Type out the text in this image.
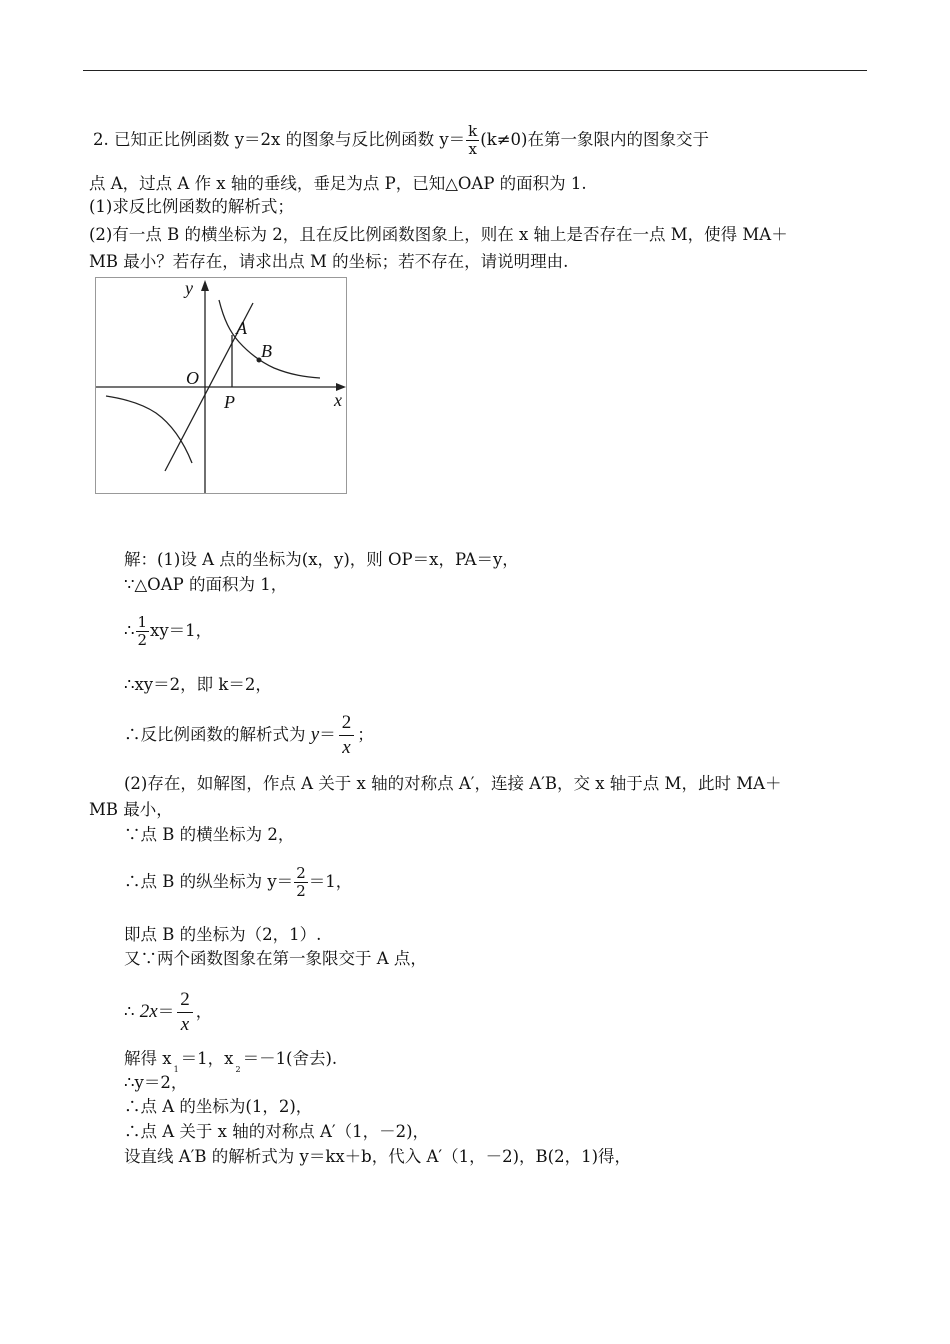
2. 已知正比例函数 y＝2x 的图象与反比例函数 $y= \frac{k}{x} (k\ne 0)$在第一象限内的图象交于
点 A，过点 A 作 x 轴的垂线，垂足为点 P，已知△OAP 的面积为 1.
(1)求反比例函数的解析式；
(2)有一点 B 的横坐标为 2，且在反比例函数图象上，则在 x 轴上是否存在一点 M，使得 MA＋
MB 最小？若存在，请求出点 M 的坐标；若不存在，请说明理由.
y
x
O
A
B
P
解：(1)设 A 点的坐标为(x，y)，则 OP＝x，PA＝y，
∵△OAP 的面积为 1，
∴ $\frac{1}{2} xy=1$，
∴xy＝2，即 k＝2，
∴反比例函数的解析式为 $y= \frac{2}{x}$ ；
(2)存在，如解图，作点 A 关于 x 轴的对称点 A′，连接 A′B，交 x 轴于点 M，此时 MA＋
MB 最小，
∵点 B 的横坐标为 2，
∴点 B 的纵坐标为 $y= \frac{2}{2} =1$，
即点 B 的坐标为（2，1）.
又∵两个函数图象在第一象限交于 A 点，
∴ $2x= \frac{2}{x}$ ，
解得 $x_1=1$，$x_2=-1$(舍去).
∴y＝2，
∴点 A 的坐标为(1，2)，
∴点 A 关于 x 轴的对称点 A′（1，－2)，
设直线 A′B 的解析式为 y＝kx＋b，代入 A′（1，－2)，B(2，1)得，
